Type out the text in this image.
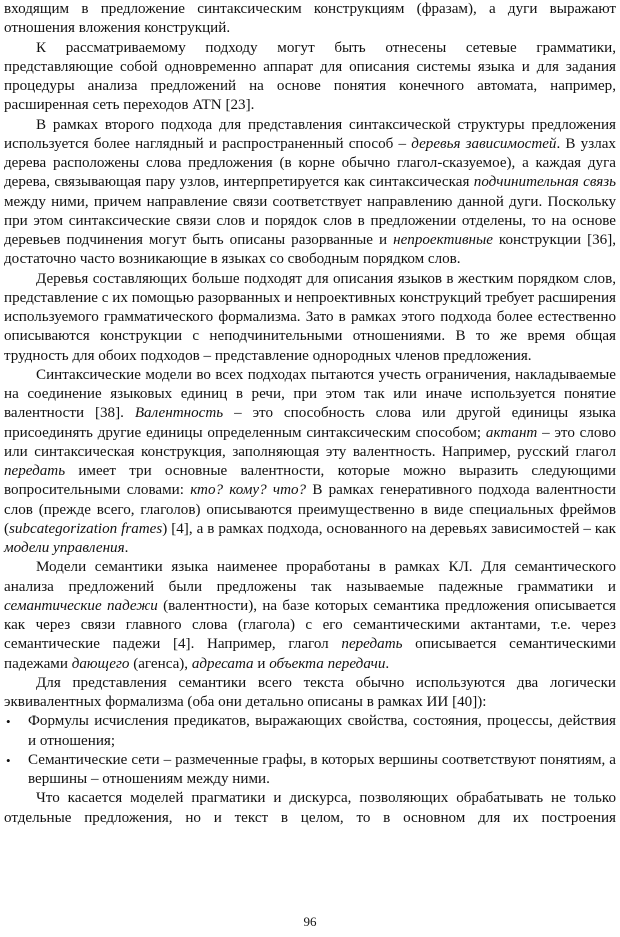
входящим в предложение синтаксическим конструкциям (фразам), а дуги выражают отношения вложения конструкций.

К рассматриваемому подходу могут быть отнесены сетевые грамматики, представляющие собой одновременно аппарат для описания системы языка и для задания процедуры анализа предложений на основе понятия конечного автомата, например, расширенная сеть переходов ATN [23].

В рамках второго подхода для представления синтаксической структуры предложения используется более наглядный и распространенный способ – деревья зависимостей. В узлах дерева расположены слова предложения (в корне обычно глагол-сказуемое), а каждая дуга дерева, связывающая пару узлов, интерпретируется как синтаксическая подчинительная связь между ними, причем направление связи соответствует направлению данной дуги. Поскольку при этом синтаксические связи слов и порядок слов в предложении отделены, то на основе деревьев подчинения могут быть описаны разорванные и непроективные конструкции [36], достаточно часто возникающие в языках со свободным порядком слов.

Деревья составляющих больше подходят для описания языков в жестким порядком слов, представление с их помощью разорванных и непроективных конструкций требует расширения используемого грамматического формализма. Зато в рамках этого подхода более естественно описываются конструкции с неподчинительными отношениями. В то же время общая трудность для обоих подходов – представление однородных членов предложения.

Синтаксические модели во всех подходах пытаются учесть ограничения, накладываемые на соединение языковых единиц в речи, при этом так или иначе используется понятие валентности [38]. Валентность – это способность слова или другой единицы языка присоединять другие единицы определенным синтаксическим способом; актант – это слово или синтаксическая конструкция, заполняющая эту валентность. Например, русский глагол передать имеет три основные валентности, которые можно выразить следующими вопросительными словами: кто? кому? что? В рамках генеративного подхода валентности слов (прежде всего, глаголов) описываются преимущественно в виде специальных фреймов (subcategorization frames) [4], а в рамках подхода, основанного на деревьях зависимостей – как модели управления.

Модели семантики языка наименее проработаны в рамках КЛ. Для семантического анализа предложений были предложены так называемые падежные грамматики и семантические падежи (валентности), на базе которых семантика предложения описывается как через связи главного слова (глагола) с его семантическими актантами, т.е. через семантические падежи [4]. Например, глагол передать описывается семантическими падежами дающего (агенса), адресата и объекта передачи.

Для представления семантики всего текста обычно используются два логически эквивалентных формализма (оба они детально описаны в рамках ИИ [40]):

• Формулы исчисления предикатов, выражающих свойства, состояния, процессы, действия и отношения;
• Семантические сети – размеченные графы, в которых вершины соответствуют понятиям, а вершины – отношениям между ними.

Что касается моделей прагматики и дискурса, позволяющих обрабатывать не только отдельные предложения, но и текст в целом, то в основном для их построения

96
